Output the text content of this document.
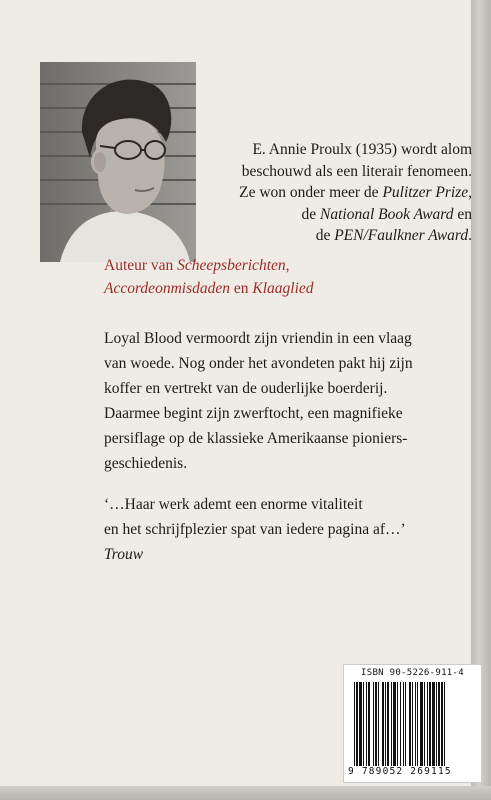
E. Annie Proulx (1935) wordt alom
beschouwd als een literair fenomeen.
Ze won onder meer de Pulitzer Prize,
de National Book Award en
de PEN/Faulkner Award.

Auteur van Scheepsberichten,
Accordeonmisdaden en Klaaglied
Loyal Blood vermoordt zijn vriendin in een vlaag
van woede. Nog onder het avondeten pakt hij zijn
koffer en vertrekt van de ouderlijke boerderij.
Daarmee begint zijn zwerftocht, een magnifieke
persiflage op de klassieke Amerikaanse pioniers-
geschiedenis.
‘…Haar werk ademt een enorme vitaliteit
en het schrijfplezier spat van iedere pagina af…’
Trouw
ISBN 90-5226-911-4
9 789052 269115
